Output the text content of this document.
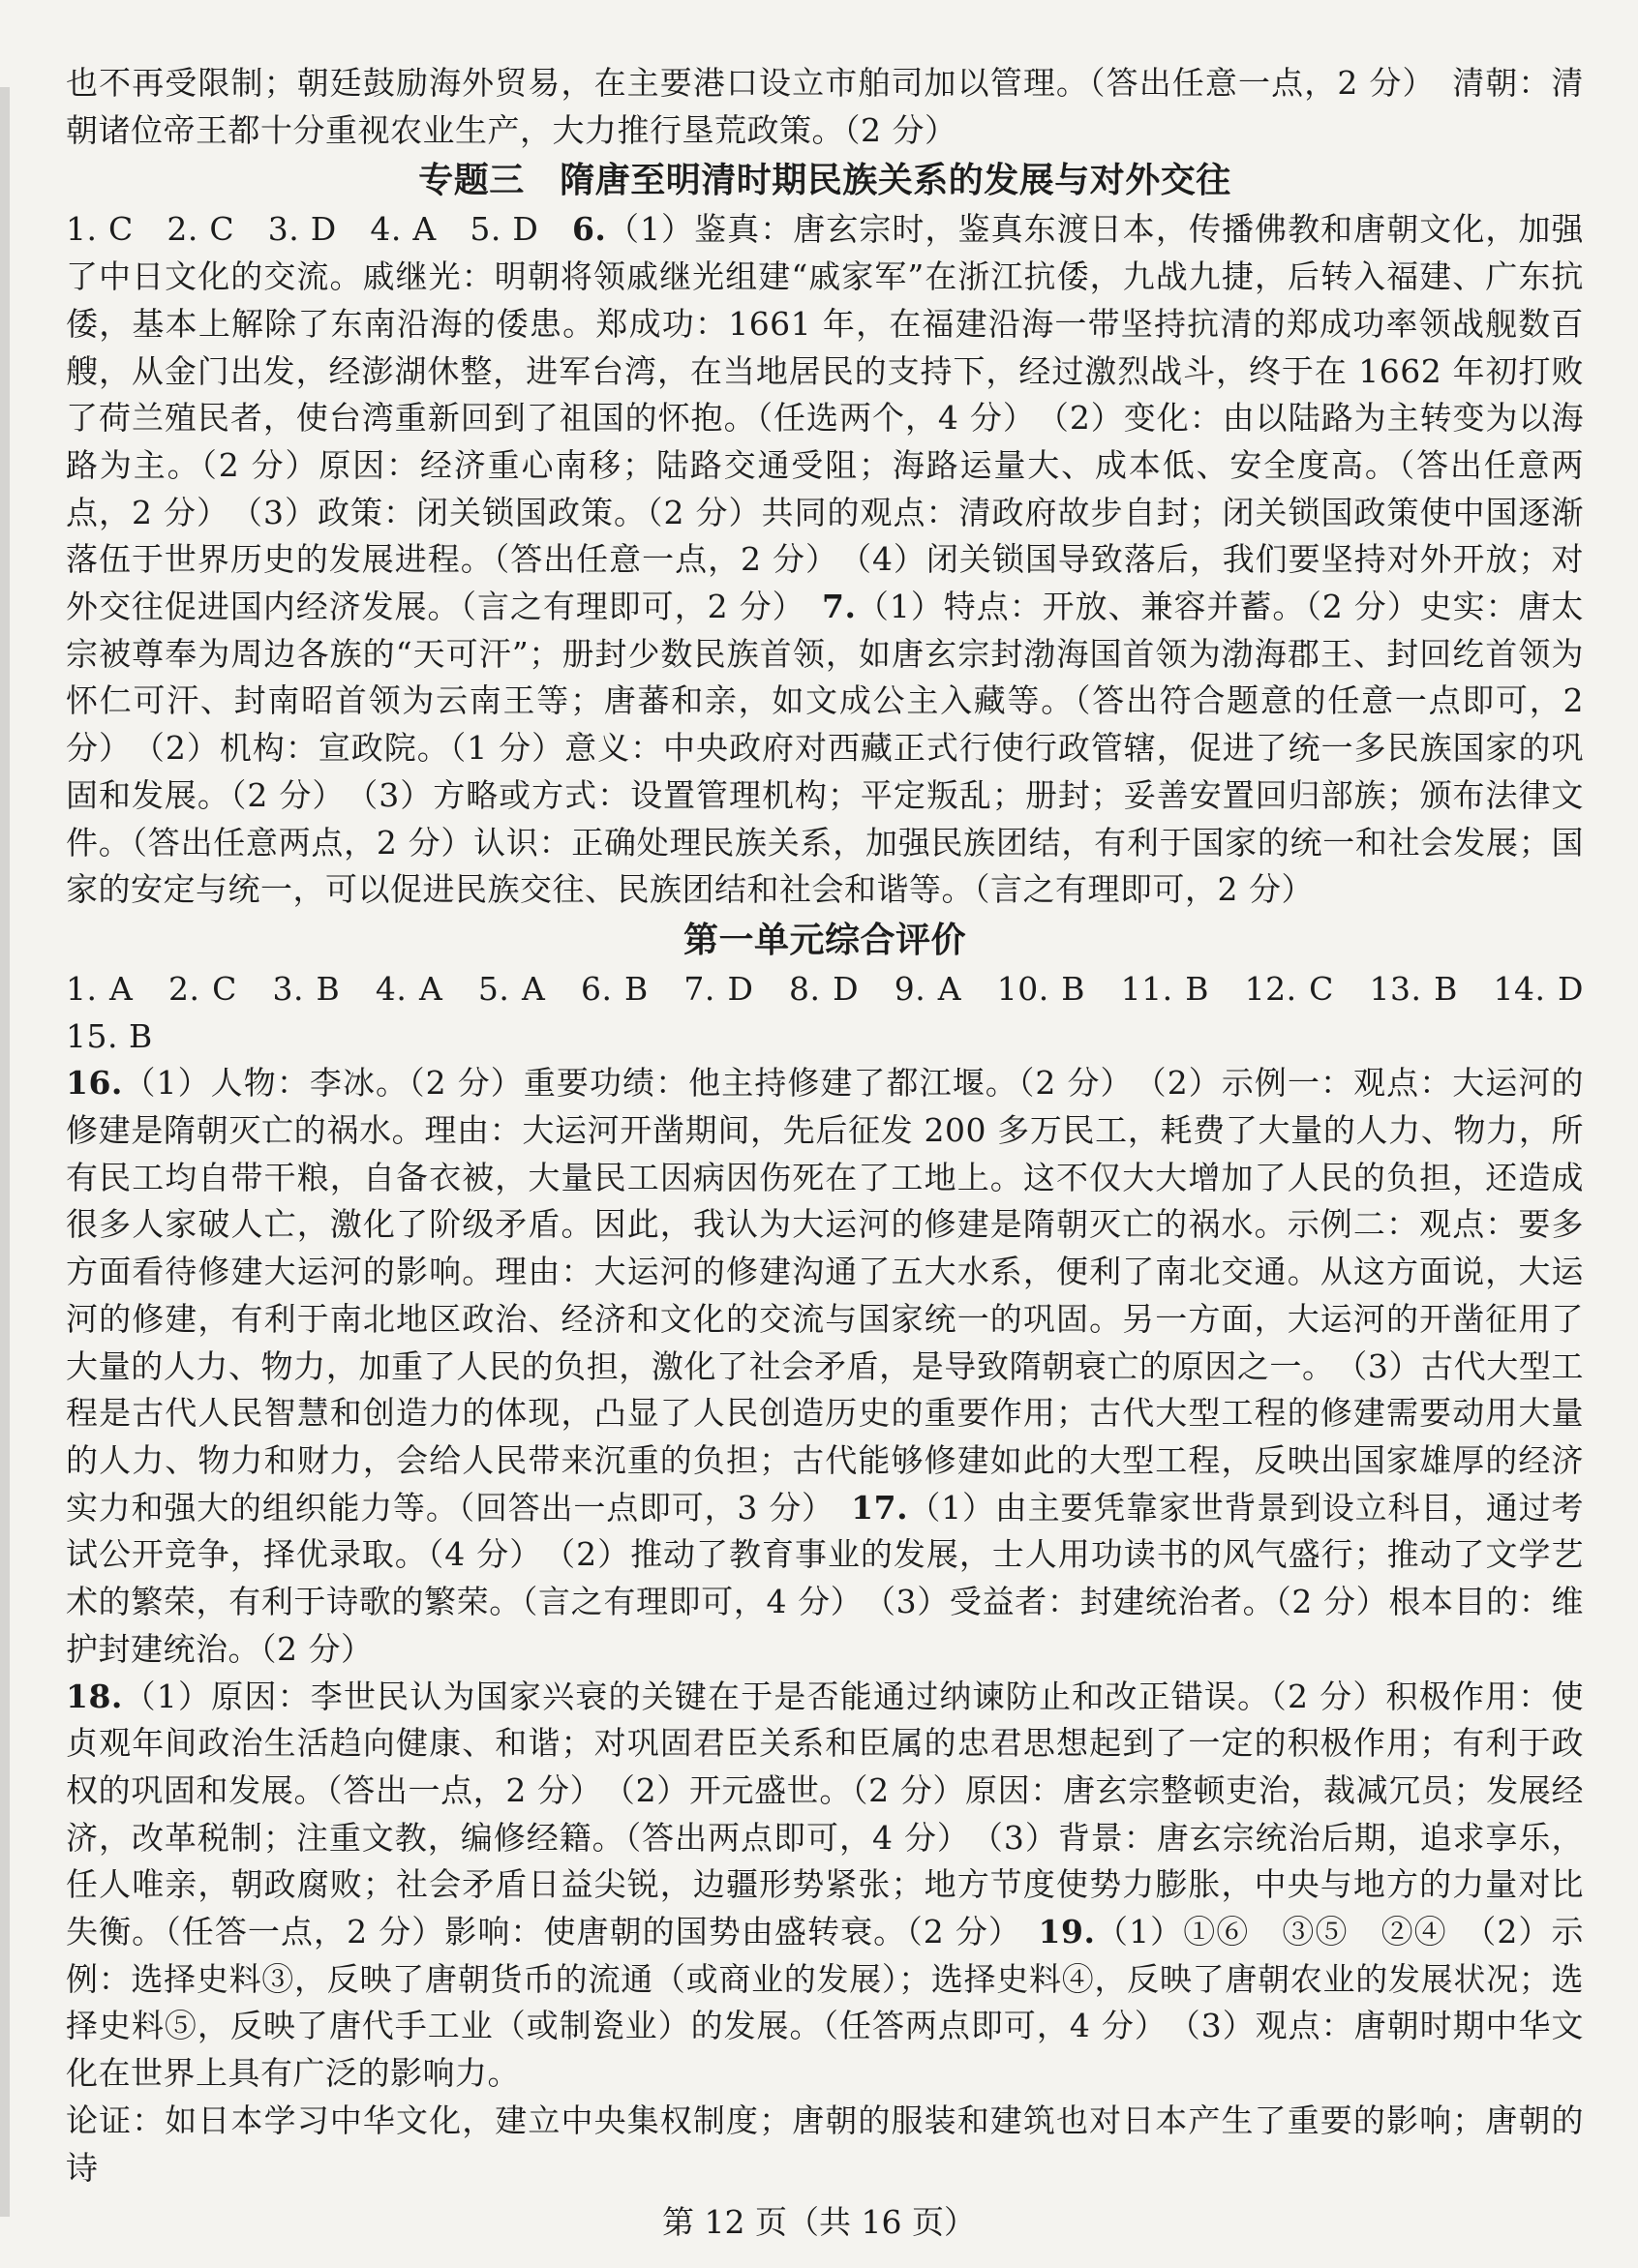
也不再受限制；朝廷鼓励海外贸易，在主要港口设立市舶司加以管理。（答出任意一点，2 分）　清朝：清朝诸位帝王都十分重视农业生产，大力推行垦荒政策。（2 分）

专题三　隋唐至明清时期民族关系的发展与对外交往

1. C　2. C　3. D　4. A　5. D　6.（1）鉴真：唐玄宗时，鉴真东渡日本，传播佛教和唐朝文化，加强了中日文化的交流。戚继光：明朝将领戚继光组建“戚家军”在浙江抗倭，九战九捷，后转入福建、广东抗倭，基本上解除了东南沿海的倭患。郑成功：1661 年，在福建沿海一带坚持抗清的郑成功率领战舰数百艘，从金门出发，经澎湖休整，进军台湾，在当地居民的支持下，经过激烈战斗，终于在 1662 年初打败了荷兰殖民者，使台湾重新回到了祖国的怀抱。（任选两个，4 分）　（2）变化：由以陆路为主转变为以海路为主。（2 分）原因：经济重心南移；陆路交通受阻；海路运量大、成本低、安全度高。（答出任意两点，2 分）　（3）政策：闭关锁国政策。（2 分）共同的观点：清政府故步自封；闭关锁国政策使中国逐渐落伍于世界历史的发展进程。（答出任意一点，2 分）　（4）闭关锁国导致落后，我们要坚持对外开放；对外交往促进国内经济发展。（言之有理即可，2 分）　7.（1）特点：开放、兼容并蓄。（2 分）史实：唐太宗被尊奉为周边各族的“天可汗”；册封少数民族首领，如唐玄宗封渤海国首领为渤海郡王、封回纥首领为怀仁可汗、封南昭首领为云南王等；唐蕃和亲，如文成公主入藏等。（答出符合题意的任意一点即可，2 分）　（2）机构：宣政院。（1 分）意义：中央政府对西藏正式行使行政管辖，促进了统一多民族国家的巩固和发展。（2 分）　（3）方略或方式：设置管理机构；平定叛乱；册封；妥善安置回归部族；颁布法律文件。（答出任意两点，2 分）认识：正确处理民族关系，加强民族团结，有利于国家的统一和社会发展；国家的安定与统一，可以促进民族交往、民族团结和社会和谐等。（言之有理即可，2 分）

第一单元综合评价

1. A　2. C　3. B　4. A　5. A　6. B　7. D　8. D　9. A　10. B　11. B　12. C　13. B　14. D　15. B

16.（1）人物：李冰。（2 分）重要功绩：他主持修建了都江堰。（2 分）　（2）示例一：观点：大运河的修建是隋朝灭亡的祸水。理由：大运河开凿期间，先后征发 200 多万民工，耗费了大量的人力、物力，所有民工均自带干粮，自备衣被，大量民工因病因伤死在了工地上。这不仅大大增加了人民的负担，还造成很多人家破人亡，激化了阶级矛盾。因此，我认为大运河的修建是隋朝灭亡的祸水。示例二：观点：要多方面看待修建大运河的影响。理由：大运河的修建沟通了五大水系，便利了南北交通。从这方面说，大运河的修建，有利于南北地区政治、经济和文化的交流与国家统一的巩固。另一方面，大运河的开凿征用了大量的人力、物力，加重了人民的负担，激化了社会矛盾，是导致隋朝衰亡的原因之一。　（3）古代大型工程是古代人民智慧和创造力的体现，凸显了人民创造历史的重要作用；古代大型工程的修建需要动用大量的人力、物力和财力，会给人民带来沉重的负担；古代能够修建如此的大型工程，反映出国家雄厚的经济实力和强大的组织能力等。（回答出一点即可，3 分）　17.（1）由主要凭靠家世背景到设立科目，通过考试公开竞争，择优录取。（4 分）　（2）推动了教育事业的发展，士人用功读书的风气盛行；推动了文学艺术的繁荣，有利于诗歌的繁荣。（言之有理即可，4 分）　（3）受益者：封建统治者。（2 分）根本目的：维护封建统治。（2 分）

18.（1）原因：李世民认为国家兴衰的关键在于是否能通过纳谏防止和改正错误。（2 分）积极作用：使贞观年间政治生活趋向健康、和谐；对巩固君臣关系和臣属的忠君思想起到了一定的积极作用；有利于政权的巩固和发展。（答出一点，2 分）　（2）开元盛世。（2 分）原因：唐玄宗整顿吏治，裁减冗员；发展经济，改革税制；注重文教，编修经籍。（答出两点即可，4 分）　（3）背景：唐玄宗统治后期，追求享乐，任人唯亲，朝政腐败；社会矛盾日益尖锐，边疆形势紧张；地方节度使势力膨胀，中央与地方的力量对比失衡。（任答一点，2 分）影响：使唐朝的国势由盛转衰。（2 分）　19.（1）①⑥　③⑤　②④　（2）示例：选择史料③，反映了唐朝货币的流通（或商业的发展）；选择史料④，反映了唐朝农业的发展状况；选择史料⑤，反映了唐代手工业（或制瓷业）的发展。（任答两点即可，4 分）　（3）观点：唐朝时期中华文化在世界上具有广泛的影响力。

论证：如日本学习中华文化，建立中央集权制度；唐朝的服装和建筑也对日本产生了重要的影响；唐朝的诗

第 12 页（共 16 页）
